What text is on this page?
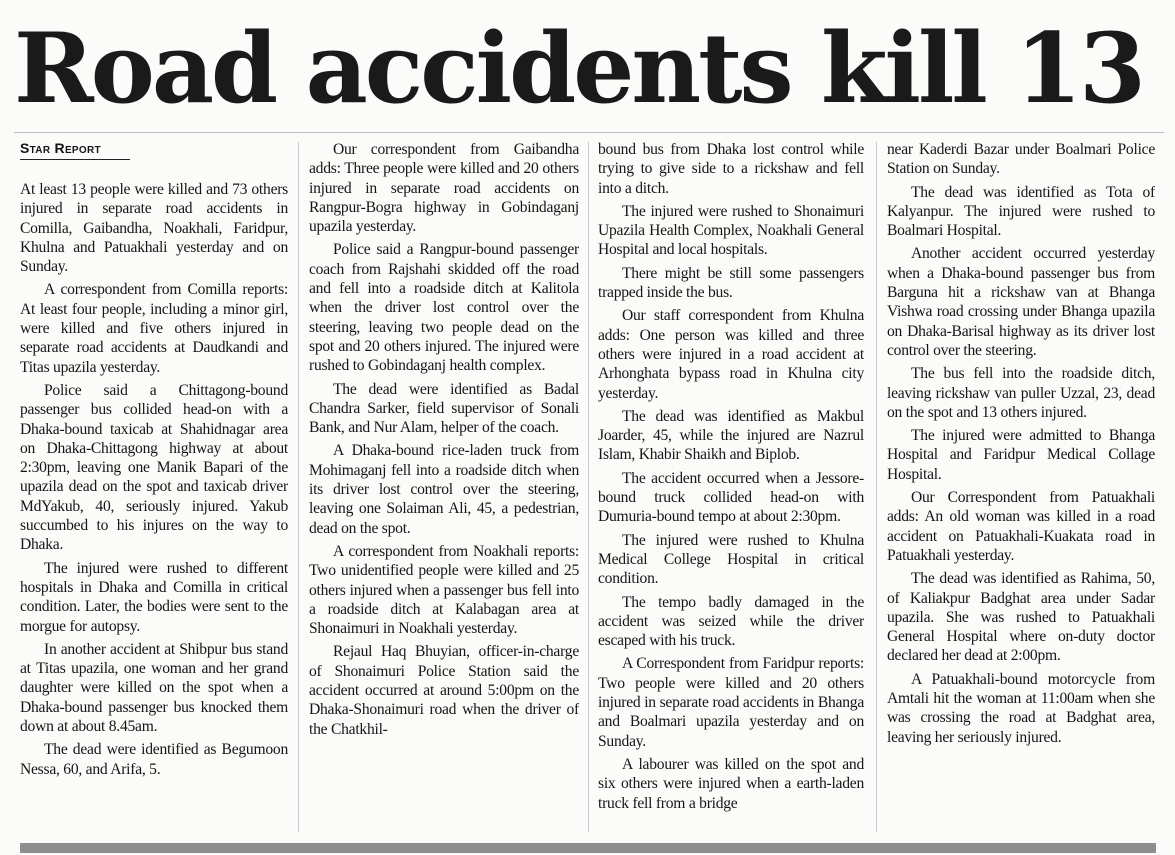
Road accidents kill 13
Star Report

At least 13 people were killed and 73 others injured in separate road accidents in Comilla, Gaibandha, Noakhali, Faridpur, Khulna and Patuakhali yesterday and on Sunday.

A correspondent from Comilla reports: At least four people, including a minor girl, were killed and five others injured in separate road accidents at Daudkandi and Titas upazila yesterday.

Police said a Chittagong-bound passenger bus collided head-on with a Dhaka-bound taxicab at Shahidnagar area on Dhaka-Chittagong highway at about 2:30pm, leaving one Manik Bapari of the upazila dead on the spot and taxicab driver MdYakub, 40, seriously injured. Yakub succumbed to his injures on the way to Dhaka.

The injured were rushed to different hospitals in Dhaka and Comilla in critical condition. Later, the bodies were sent to the morgue for autopsy.

In another accident at Shibpur bus stand at Titas upazila, one woman and her grand daughter were killed on the spot when a Dhaka-bound passenger bus knocked them down at about 8.45am.

The dead were identified as Begumoon Nessa, 60, and Arifa, 5.

Our correspondent from Gaibandha adds: Three people were killed and 20 others injured in separate road accidents on Rangpur-Bogra highway in Gobindaganj upazila yesterday.

Police said a Rangpur-bound passenger coach from Rajshahi skidded off the road and fell into a roadside ditch at Kalitola when the driver lost control over the steering, leaving two people dead on the spot and 20 others injured. The injured were rushed to Gobindaganj health complex.

The dead were identified as Badal Chandra Sarker, field supervisor of Sonali Bank, and Nur Alam, helper of the coach.

A Dhaka-bound rice-laden truck from Mohimaganj fell into a roadside ditch when its driver lost control over the steering, leaving one Solaiman Ali, 45, a pedestrian, dead on the spot.

A correspondent from Noakhali reports: Two unidentified people were killed and 25 others injured when a passenger bus fell into a roadside ditch at Kalabagan area at Shonaimuri in Noakhali yesterday.

Rejaul Haq Bhuyian, officer-in-charge of Shonaimuri Police Station said the accident occurred at around 5:00pm on the Dhaka-Shonaimuri road when the driver of the Chatkhil-

bound bus from Dhaka lost control while trying to give side to a rickshaw and fell into a ditch.

The injured were rushed to Shonaimuri Upazila Health Complex, Noakhali General Hospital and local hospitals.

There might be still some passengers trapped inside the bus.

Our staff correspondent from Khulna adds: One person was killed and three others were injured in a road accident at Arhonghata bypass road in Khulna city yesterday.

The dead was identified as Makbul Joarder, 45, while the injured are Nazrul Islam, Khabir Shaikh and Biplob.

The accident occurred when a Jessore-bound truck collided head-on with Dumuria-bound tempo at about 2:30pm.

The injured were rushed to Khulna Medical College Hospital in critical condition.

The tempo badly damaged in the accident was seized while the driver escaped with his truck.

A Correspondent from Faridpur reports: Two people were killed and 20 others injured in separate road accidents in Bhanga and Boalmari upazila yesterday and on Sunday.

A labourer was killed on the spot and six others were injured when a earth-laden truck fell from a bridge

near Kaderdi Bazar under Boalmari Police Station on Sunday.

The dead was identified as Tota of Kalyanpur. The injured were rushed to Boalmari Hospital.

Another accident occurred yesterday when a Dhaka-bound passenger bus from Barguna hit a rickshaw van at Bhanga Vishwa road crossing under Bhanga upazila on Dhaka-Barisal highway as its driver lost control over the steering.

The bus fell into the roadside ditch, leaving rickshaw van puller Uzzal, 23, dead on the spot and 13 others injured.

The injured were admitted to Bhanga Hospital and Faridpur Medical Collage Hospital.

Our Correspondent from Patuakhali adds: An old woman was killed in a road accident on Patuakhali-Kuakata road in Patuakhali yesterday.

The dead was identified as Rahima, 50, of Kaliakpur Badghat area under Sadar upazila. She was rushed to Patuakhali General Hospital where on-duty doctor declared her dead at 2:00pm.

A Patuakhali-bound motorcycle from Amtali hit the woman at 11:00am when she was crossing the road at Badghat area, leaving her seriously injured.
